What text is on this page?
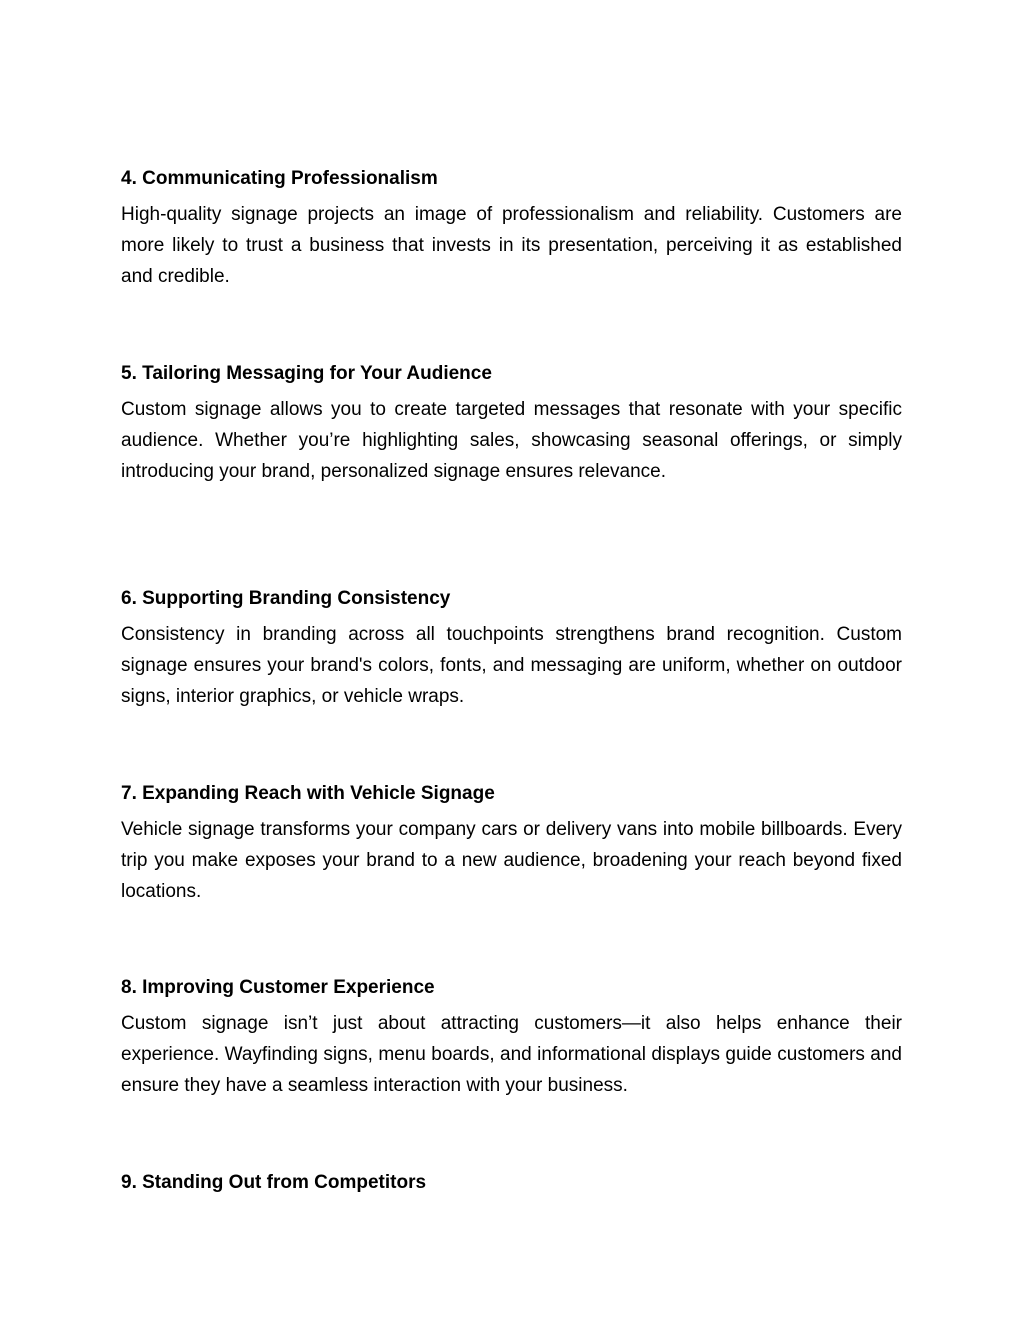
4. Communicating Professionalism

High-quality signage projects an image of professionalism and reliability. Customers are more likely to trust a business that invests in its presentation, perceiving it as established and credible.

5. Tailoring Messaging for Your Audience

Custom signage allows you to create targeted messages that resonate with your specific audience. Whether you’re highlighting sales, showcasing seasonal offerings, or simply introducing your brand, personalized signage ensures relevance.

6. Supporting Branding Consistency

Consistency in branding across all touchpoints strengthens brand recognition. Custom signage ensures your brand's colors, fonts, and messaging are uniform, whether on outdoor signs, interior graphics, or vehicle wraps.

7. Expanding Reach with Vehicle Signage

Vehicle signage transforms your company cars or delivery vans into mobile billboards. Every trip you make exposes your brand to a new audience, broadening your reach beyond fixed locations.

8. Improving Customer Experience

Custom signage isn’t just about attracting customers—it also helps enhance their experience. Wayfinding signs, menu boards, and informational displays guide customers and ensure they have a seamless interaction with your business.

9. Standing Out from Competitors
